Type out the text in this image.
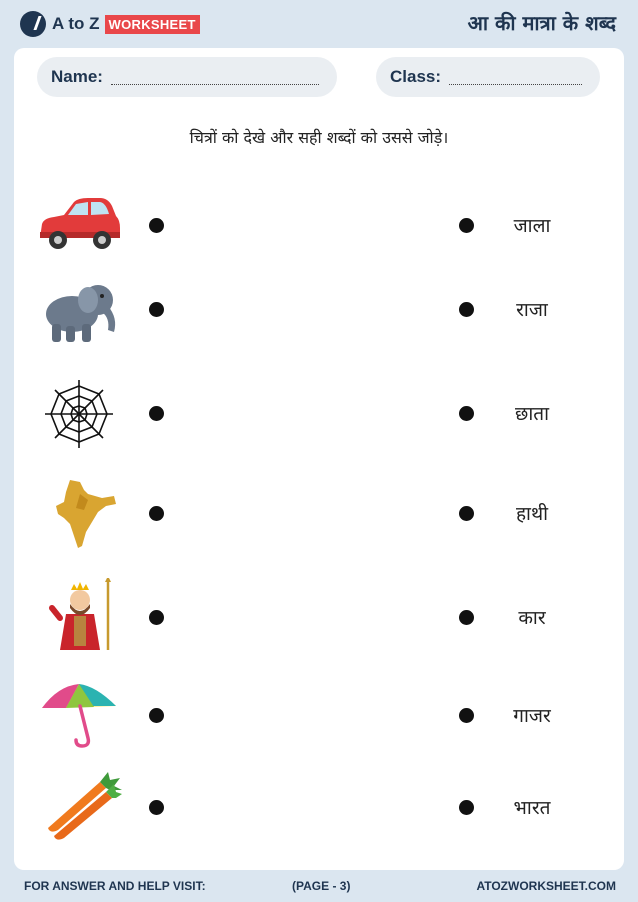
A to Z WORKSHEET	आ की मात्रा के शब्द
Name:	Class:
चित्रों को देखे और सही शब्दों को उससे जोड़े।
जाला
राजा
छाता
हाथी
कार
गाजर
भारत
FOR ANSWER AND HELP VISIT:	(PAGE - 3)	ATOZWORKSHEET.COM
